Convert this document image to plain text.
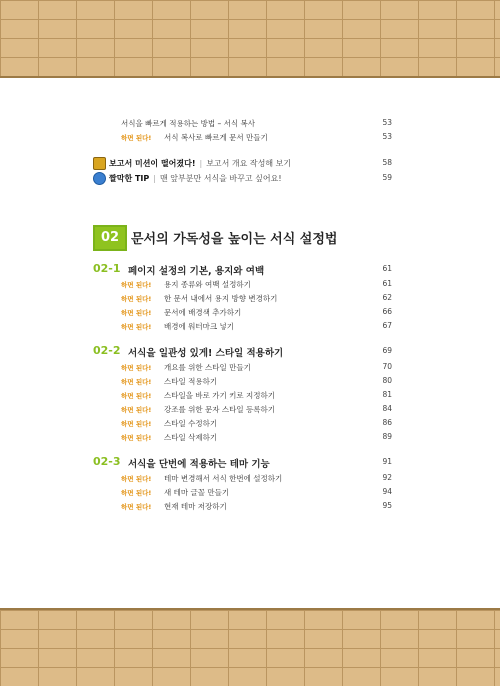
서식을 빠르게 적용하는 방법 – 서식 복사	53
하면 된다! 서식 복사로 빠르게 문서 만들기	53
보고서 미션이 떨어졌다! | 보고서 개요 작성해 보기	58
짤막한 TIP | 맨 앞부분만 서식을 바꾸고 싶어요!	59
02 문서의 가독성을 높이는 서식 설정법
02-1 페이지 설정의 기본, 용지와 여백	61
하면 된다! 용지 종류와 여백 설정하기	61
하면 된다! 한 문서 내에서 용지 방향 변경하기	62
하면 된다! 문서에 배경색 추가하기	66
하면 된다! 배경에 워터마크 넣기	67
02-2 서식을 일관성 있게! 스타일 적용하기	69
하면 된다! 개요를 위한 스타일 만들기	70
하면 된다! 스타일 적용하기	80
하면 된다! 스타일을 바로 가기 키로 지정하기	81
하면 된다! 강조를 위한 문자 스타일 등록하기	84
하면 된다! 스타일 수정하기	86
하면 된다! 스타일 삭제하기	89
02-3 서식을 단번에 적용하는 테마 기능	91
하면 된다! 테마 변경해서 서식 한번에 설정하기	92
하면 된다! 새 테마 글꼴 만들기	94
하면 된다! 현재 테마 저장하기	95
